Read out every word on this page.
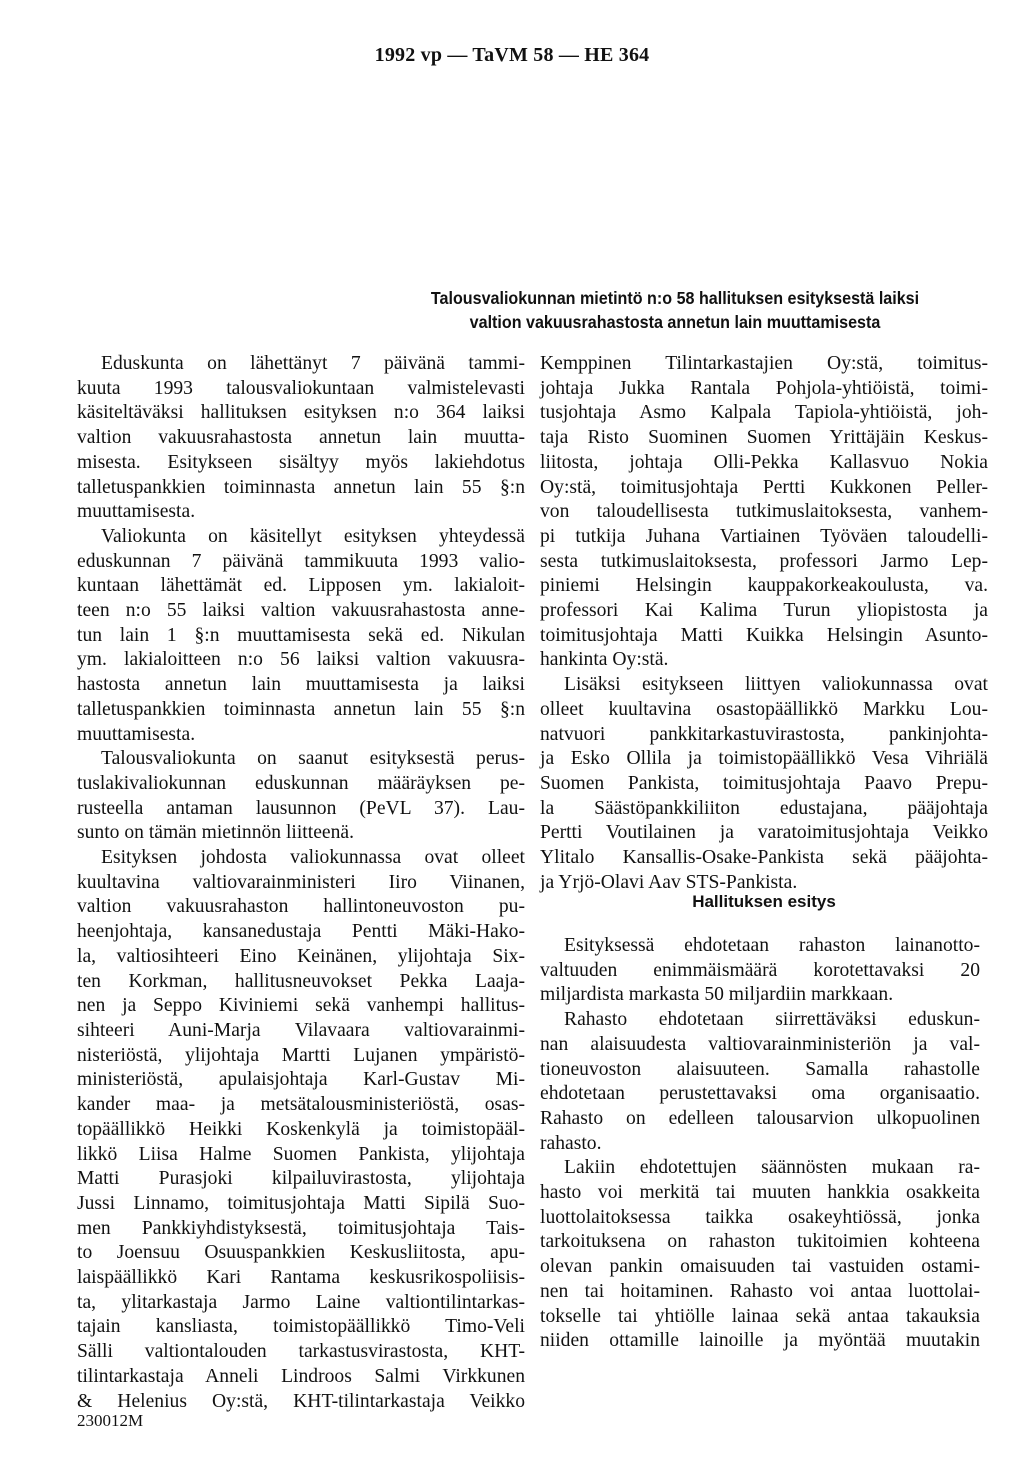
1992 vp — TaVM 58 — HE 364
Talousvaliokunnan mietintö n:o 58 hallituksen esityksestä laiksi
valtion vakuusrahastosta annetun lain muuttamisesta
Eduskunta on lähettänyt 7 päivänä tammi-
kuuta 1993 talousvaliokuntaan valmistelevasti
käsiteltäväksi hallituksen esityksen n:o 364 laiksi
valtion vakuusrahastosta annetun lain muutta-
misesta. Esitykseen sisältyy myös lakiehdotus
talletuspankkien toiminnasta annetun lain 55 §:n
muuttamisesta.
Valiokunta on käsitellyt esityksen yhteydessä
eduskunnan 7 päivänä tammikuuta 1993 valio-
kuntaan lähettämät ed. Lipposen ym. lakialoit-
teen n:o 55 laiksi valtion vakuusrahastosta anne-
tun lain 1 §:n muuttamisesta sekä ed. Nikulan
ym. lakialoitteen n:o 56 laiksi valtion vakuusra-
hastosta annetun lain muuttamisesta ja laiksi
talletuspankkien toiminnasta annetun lain 55 §:n
muuttamisesta.
Talousvaliokunta on saanut esityksestä perus-
tuslakivaliokunnan eduskunnan määräyksen pe-
rusteella antaman lausunnon (PeVL 37). Lau-
sunto on tämän mietinnön liitteenä.
Esityksen johdosta valiokunnassa ovat olleet
kuultavina valtiovarainministeri Iiro Viinanen,
valtion vakuusrahaston hallintoneuvoston pu-
heenjohtaja, kansanedustaja Pentti Mäki-Hako-
la, valtiosihteeri Eino Keinänen, ylijohtaja Six-
ten Korkman, hallitusneuvokset Pekka Laaja-
nen ja Seppo Kiviniemi sekä vanhempi hallitus-
sihteeri Auni-Marja Vilavaara valtiovarainmi-
nisteriöstä, ylijohtaja Martti Lujanen ympäristö-
ministeriöstä, apulaisjohtaja Karl-Gustav Mi-
kander maa- ja metsätalousministeriöstä, osas-
topäällikkö Heikki Koskenkylä ja toimistopääl-
likkö Liisa Halme Suomen Pankista, ylijohtaja
Matti Purasjoki kilpailuvirastosta, ylijohtaja
Jussi Linnamo, toimitusjohtaja Matti Sipilä Suo-
men Pankkiyhdistyksestä, toimitusjohtaja Tais-
to Joensuu Osuuspankkien Keskusliitosta, apu-
laispäällikkö Kari Rantama keskusrikospoliisis-
ta, ylitarkastaja Jarmo Laine valtiontilintarkas-
tajain kansliasta, toimistopäällikkö Timo-Veli
Sälli valtiontalouden tarkastusvirastosta, KHT-
tilintarkastaja Anneli Lindroos Salmi Virkkunen
& Helenius Oy:stä, KHT-tilintarkastaja Veikko
Kemppinen Tilintarkastajien Oy:stä, toimitus-
johtaja Jukka Rantala Pohjola-yhtiöistä, toimi-
tusjohtaja Asmo Kalpala Tapiola-yhtiöistä, joh-
taja Risto Suominen Suomen Yrittäjäin Keskus-
liitosta, johtaja Olli-Pekka Kallasvuo Nokia
Oy:stä, toimitusjohtaja Pertti Kukkonen Peller-
von taloudellisesta tutkimuslaitoksesta, vanhem-
pi tutkija Juhana Vartiainen Työväen taloudelli-
sesta tutkimuslaitoksesta, professori Jarmo Lep-
piniemi Helsingin kauppakorkeakoulusta, va.
professori Kai Kalima Turun yliopistosta ja
toimitusjohtaja Matti Kuikka Helsingin Asunto-
hankinta Oy:stä.
Lisäksi esitykseen liittyen valiokunnassa ovat
olleet kuultavina osastopäällikkö Markku Lou-
natvuori pankkitarkastuvirastosta, pankinjohta-
ja Esko Ollila ja toimistopäällikkö Vesa Vihriälä
Suomen Pankista, toimitusjohtaja Paavo Prepu-
la Säästöpankkiliiton edustajana, pääjohtaja
Pertti Voutilainen ja varatoimitusjohtaja Veikko
Ylitalo Kansallis-Osake-Pankista sekä pääjohta-
ja Yrjö-Olavi Aav STS-Pankista.
Hallituksen esitys
Esityksessä ehdotetaan rahaston lainanotto-
valtuuden enimmäismäärä korotettavaksi 20
miljardista markasta 50 miljardiin markkaan.
Rahasto ehdotetaan siirrettäväksi eduskun-
nan alaisuudesta valtiovarainministeriön ja val-
tioneuvoston alaisuuteen. Samalla rahastolle
ehdotetaan perustettavaksi oma organisaatio.
Rahasto on edelleen talousarvion ulkopuolinen
rahasto.
Lakiin ehdotettujen säännösten mukaan ra-
hasto voi merkitä tai muuten hankkia osakkeita
luottolaitoksessa taikka osakeyhtiössä, jonka
tarkoituksena on rahaston tukitoimien kohteena
olevan pankin omaisuuden tai vastuiden ostami-
nen tai hoitaminen. Rahasto voi antaa luottolai-
tokselle tai yhtiölle lainaa sekä antaa takauksia
niiden ottamille lainoille ja myöntää muutakin
230012M
